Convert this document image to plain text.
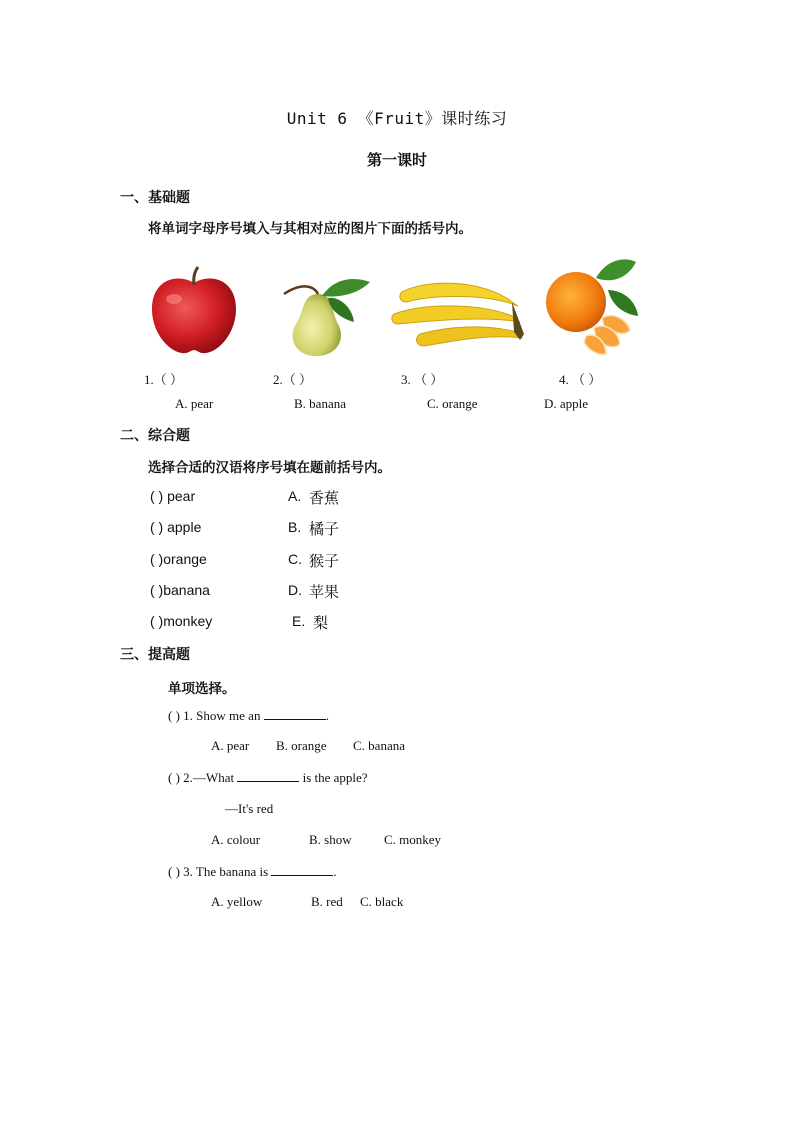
Unit 6 《Fruit》课时练习
第一课时
一、基础题
将单词字母序号填入与其相对应的图片下面的括号内。
1.（ ）	2.（ ）	3. （ ）	4. （ ）
A. pear	B. banana	C. orange	D. apple
二、综合题
选择合适的汉语将序号填在题前括号内。
( ) pear	A. 香蕉
( ) apple	B. 橘子
( )orange	C. 猴子
( )banana	D. 苹果
( )monkey	E. 梨
三、提高题
单项选择。
( ) 1. Show me an	.
A. pear B. orange C. banana
( ) 2.—What	is the apple?
—It's red
A. colour	B. show C. monkey
( ) 3. The banana is	.
A. yellow	B. red C. black
